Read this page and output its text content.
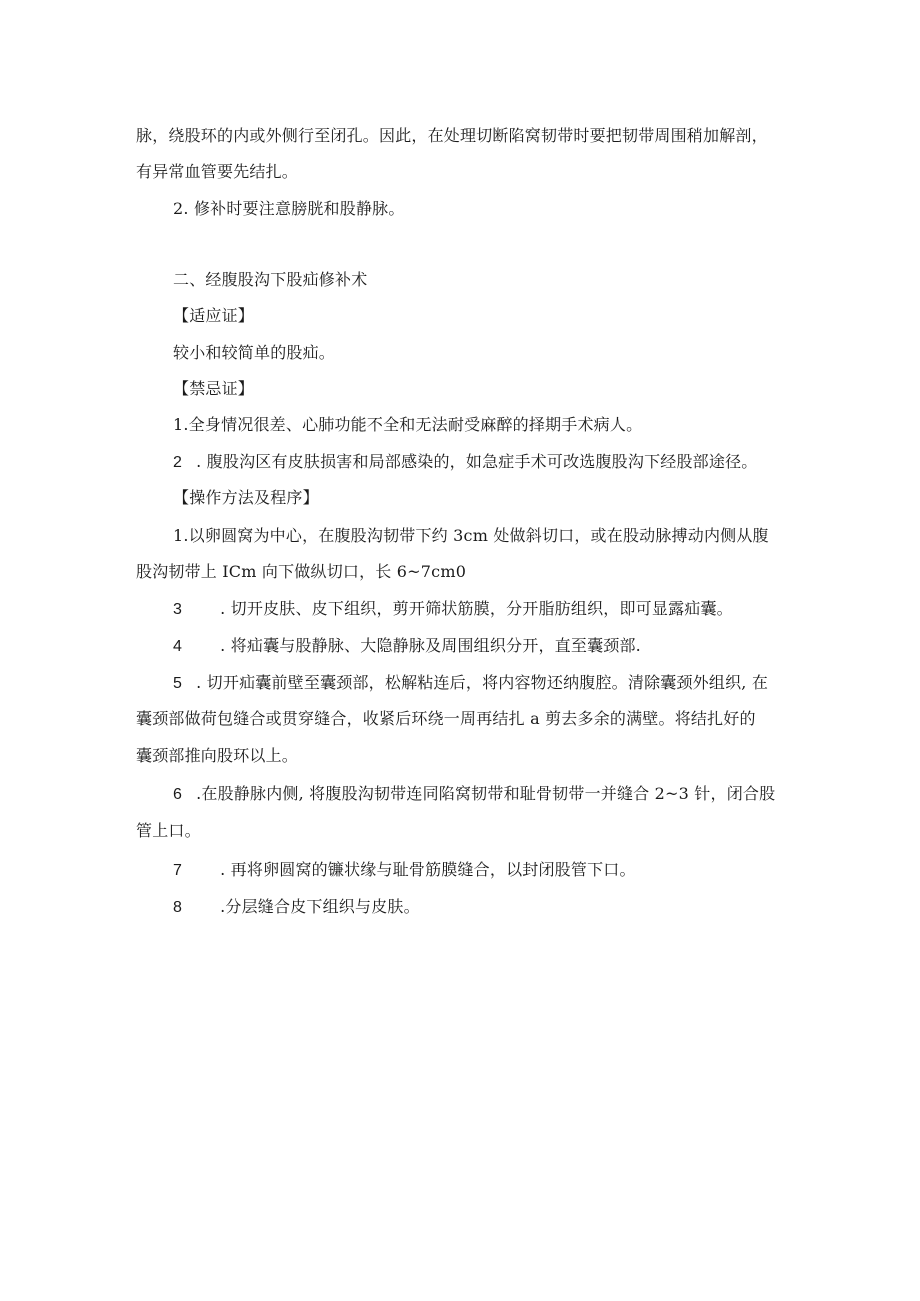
脉，绕股环的内或外侧行至闭孔。因此，在处理切断陷窝韧带时要把韧带周围稍加解剖，
有异常血管要先结扎。
2. 修补时要注意膀胱和股静脉。
二、经腹股沟下股疝修补术
【适应证】
较小和较简单的股疝。
【禁忌证】
1.全身情况很差、心肺功能不全和无法耐受麻醉的择期手术病人。
2 . 腹股沟区有皮肤损害和局部感染的，如急症手术可改选腹股沟下经股部途径。
【操作方法及程序】
1.以卵圆窝为中心，在腹股沟韧带下约 3cm 处做斜切口，或在股动脉搏动内侧从腹
股沟韧带上 ICm 向下做纵切口，长 6~7cm0
3 . 切开皮肤、皮下组织，剪开筛状筋膜，分开脂肪组织，即可显露疝囊。
4 . 将疝囊与股静脉、大隐静脉及周围组织分开，直至囊颈部.
5 . 切开疝囊前壁至囊颈部，松解粘连后，将内容物还纳腹腔。清除囊颈外组织, 在
囊颈部做荷包缝合或贯穿缝合，收紧后环绕一周再结扎 a 剪去多余的满壁。将结扎好的
囊颈部推向股环以上。
6 .在股静脉内侧, 将腹股沟韧带连同陷窝韧带和耻骨韧带一并缝合 2~3 针，闭合股
管上口。
7 . 再将卵圆窝的镰状缘与耻骨筋膜缝合，以封闭股管下口。
8 .分层缝合皮下组织与皮肤。
